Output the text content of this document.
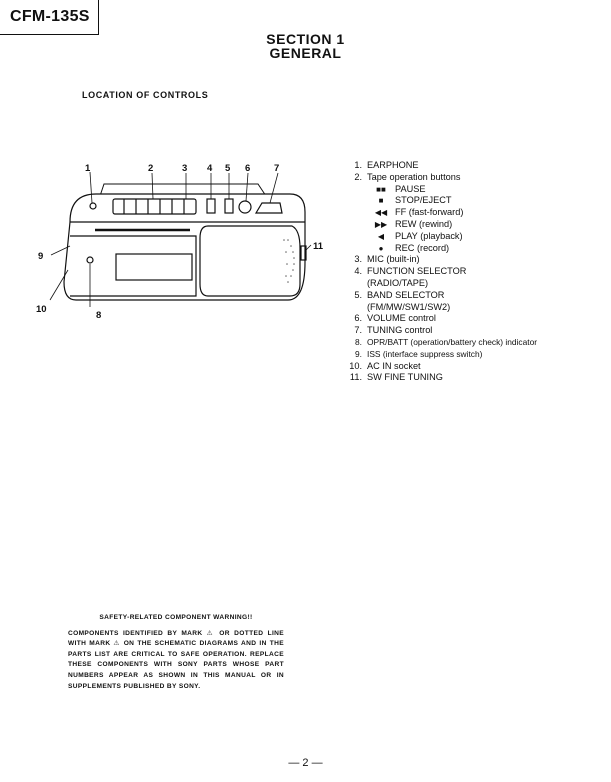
CFM-135S
SECTION 1
GENERAL
LOCATION OF CONTROLS
1	2	3 4 5 6 7
8
9
10
11
1. EARPHONE
2. Tape operation buttons
■■ PAUSE
■	STOP/EJECT
◀◀ FF (fast-forward)
▶▶ REW (rewind)
◀	PLAY (playback)
●	REC (record)
3. MIC (built-in)
4. FUNCTION SELECTOR
(RADIO/TAPE)
5. BAND SELECTOR
(FM/MW/SW1/SW2)
6. VOLUME control
7. TUNING control
8. OPR/BATT (operation/battery check) indicator
9. ISS (interface suppress switch)
10. AC IN socket
11. SW FINE TUNING
SAFETY-RELATED COMPONENT WARNING!!
COMPONENTS IDENTIFIED BY MARK ⚠ OR DOTTED LINE WITH MARK ⚠ ON THE SCHEMATIC DIAGRAMS AND IN THE PARTS LIST ARE CRITICAL TO SAFE OPERATION. REPLACE THESE COMPONENTS WITH SONY PARTS WHOSE PART NUMBERS APPEAR AS SHOWN IN THIS MANUAL OR IN SUPPLEMENTS PUBLISHED BY SONY.
— 2 —
